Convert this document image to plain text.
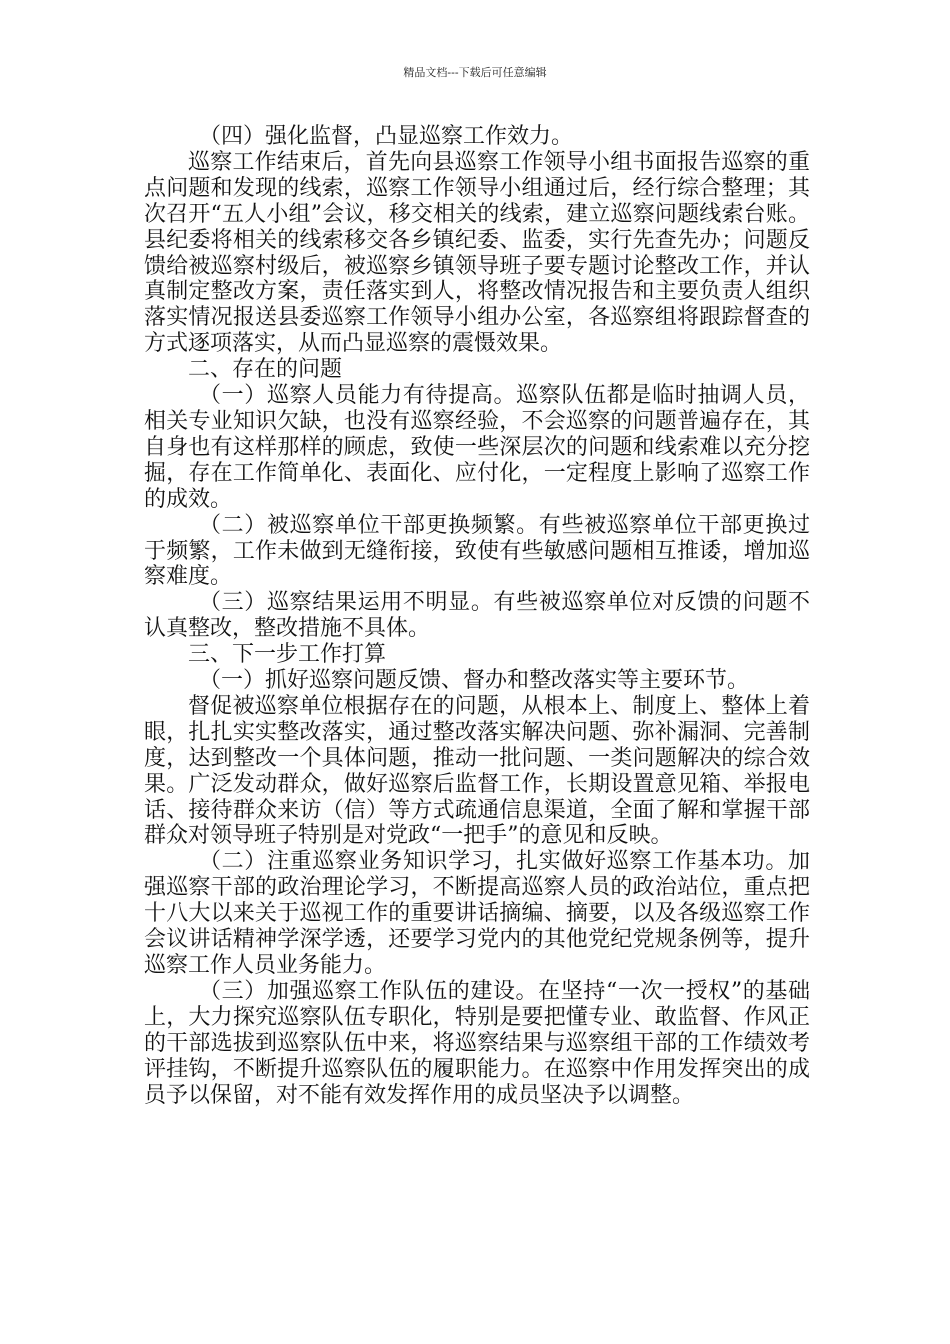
精品文档---下载后可任意编辑

（四）强化监督，凸显巡察工作效力。

巡察工作结束后，首先向县巡察工作领导小组书面报告巡察的重点问题和发现的线索，巡察工作领导小组通过后，经行综合整理；其次召开“五人小组”会议，移交相关的线索，建立巡察问题线索台账。县纪委将相关的线索移交各乡镇纪委、监委，实行先查先办；问题反馈给被巡察村级后，被巡察乡镇领导班子要专题讨论整改工作，并认真制定整改方案，责任落实到人，将整改情况报告和主要负责人组织落实情况报送县委巡察工作领导小组办公室，各巡察组将跟踪督查的方式逐项落实，从而凸显巡察的震慑效果。

二、存在的问题

（一）巡察人员能力有待提高。巡察队伍都是临时抽调人员，相关专业知识欠缺，也没有巡察经验，不会巡察的问题普遍存在，其自身也有这样那样的顾虑，致使一些深层次的问题和线索难以充分挖掘，存在工作简单化、表面化、应付化，一定程度上影响了巡察工作的成效。

（二）被巡察单位干部更换频繁。有些被巡察单位干部更换过于频繁，工作未做到无缝衔接，致使有些敏感问题相互推诿，增加巡察难度。

（三）巡察结果运用不明显。有些被巡察单位对反馈的问题不认真整改，整改措施不具体。

三、下一步工作打算

（一）抓好巡察问题反馈、督办和整改落实等主要环节。

督促被巡察单位根据存在的问题，从根本上、制度上、整体上着眼，扎扎实实整改落实，通过整改落实解决问题、弥补漏洞、完善制度，达到整改一个具体问题，推动一批问题、一类问题解决的综合效果。广泛发动群众，做好巡察后监督工作，长期设置意见箱、举报电话、接待群众来访（信）等方式疏通信息渠道，全面了解和掌握干部群众对领导班子特别是对党政“一把手”的意见和反映。

（二）注重巡察业务知识学习，扎实做好巡察工作基本功。加强巡察干部的政治理论学习，不断提高巡察人员的政治站位，重点把十八大以来关于巡视工作的重要讲话摘编、摘要，以及各级巡察工作会议讲话精神学深学透，还要学习党内的其他党纪党规条例等，提升巡察工作人员业务能力。

（三）加强巡察工作队伍的建设。在坚持“一次一授权”的基础上，大力探究巡察队伍专职化，特别是要把懂专业、敢监督、作风正的干部选拔到巡察队伍中来，将巡察结果与巡察组干部的工作绩效考评挂钩，不断提升巡察队伍的履职能力。在巡察中作用发挥突出的成员予以保留，对不能有效发挥作用的成员坚决予以调整。
